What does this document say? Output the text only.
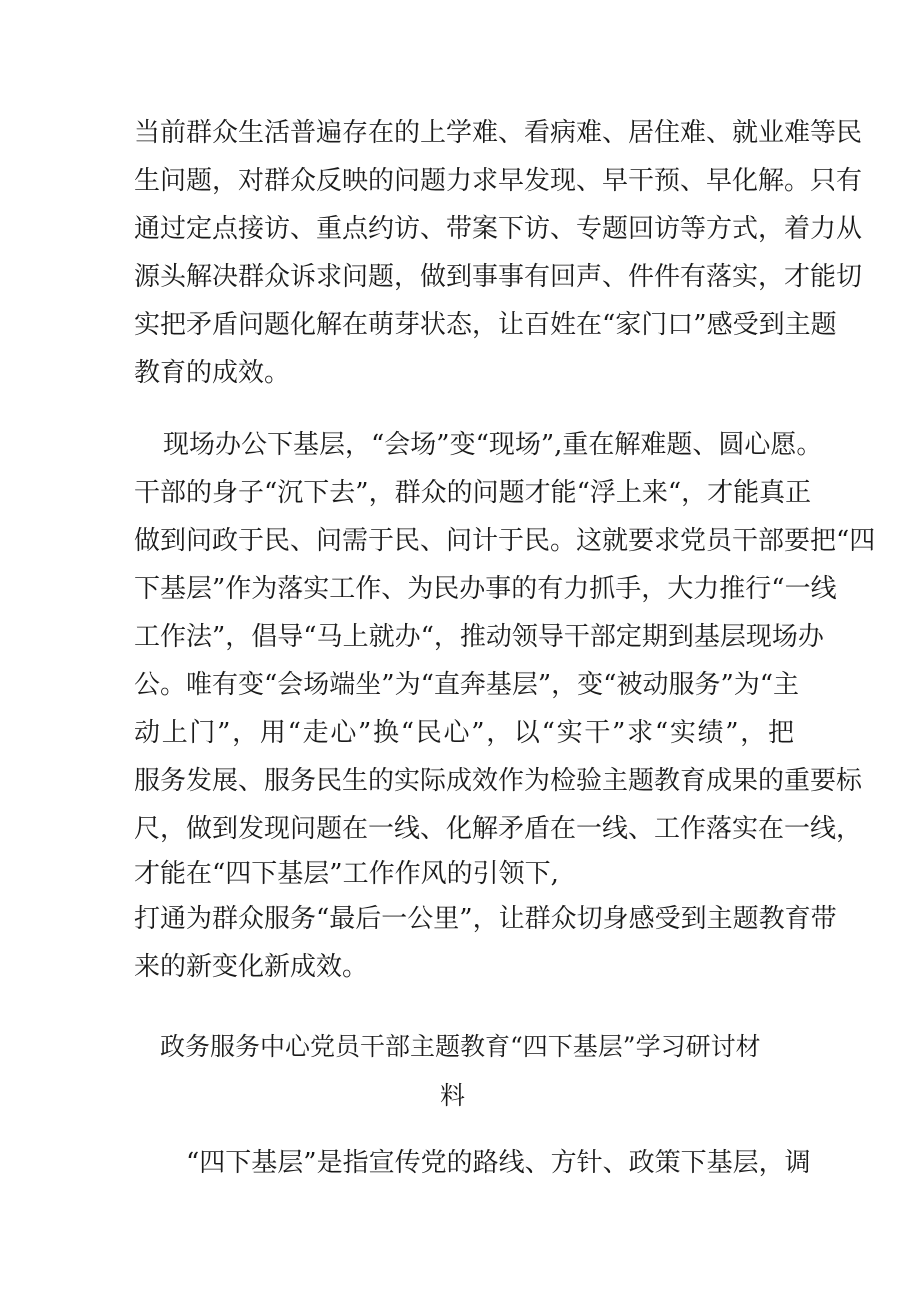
当前群众生活普遍存在的上学难、看病难、居住难、就业难等民
生问题，对群众反映的问题力求早发现、早干预、早化解。只有
通过定点接访、重点约访、带案下访、专题回访等方式，着力从
源头解决群众诉求问题，做到事事有回声、件件有落实，才能切
实把矛盾问题化解在萌芽状态，让百姓在“家门口”感受到主题
教育的成效。
现场办公下基层，“会场”变“现场”,重在解难题、圆心愿。
干部的身子“沉下去”，群众的问题才能“浮上来“，才能真正
做到问政于民、问需于民、问计于民。这就要求党员干部要把“四
下基层”作为落实工作、为民办事的有力抓手，大力推行“一线
工作法”，倡导“马上就办“，推动领导干部定期到基层现场办
公。唯有变“会场端坐”为“直奔基层”，变“被动服务”为“主
动上门”，用“走心”换“民心”，以“实干”求“实绩”，把
服务发展、服务民生的实际成效作为检验主题教育成果的重要标
尺，做到发现问题在一线、化解矛盾在一线、工作落实在一线，
才能在“四下基层”工作作风的引领下,
打通为群众服务“最后一公里”，让群众切身感受到主题教育带
来的新变化新成效。
政务服务中心党员干部主题教育“四下基层”学习研讨材
料
“四下基层”是指宣传党的路线、方针、政策下基层，调
